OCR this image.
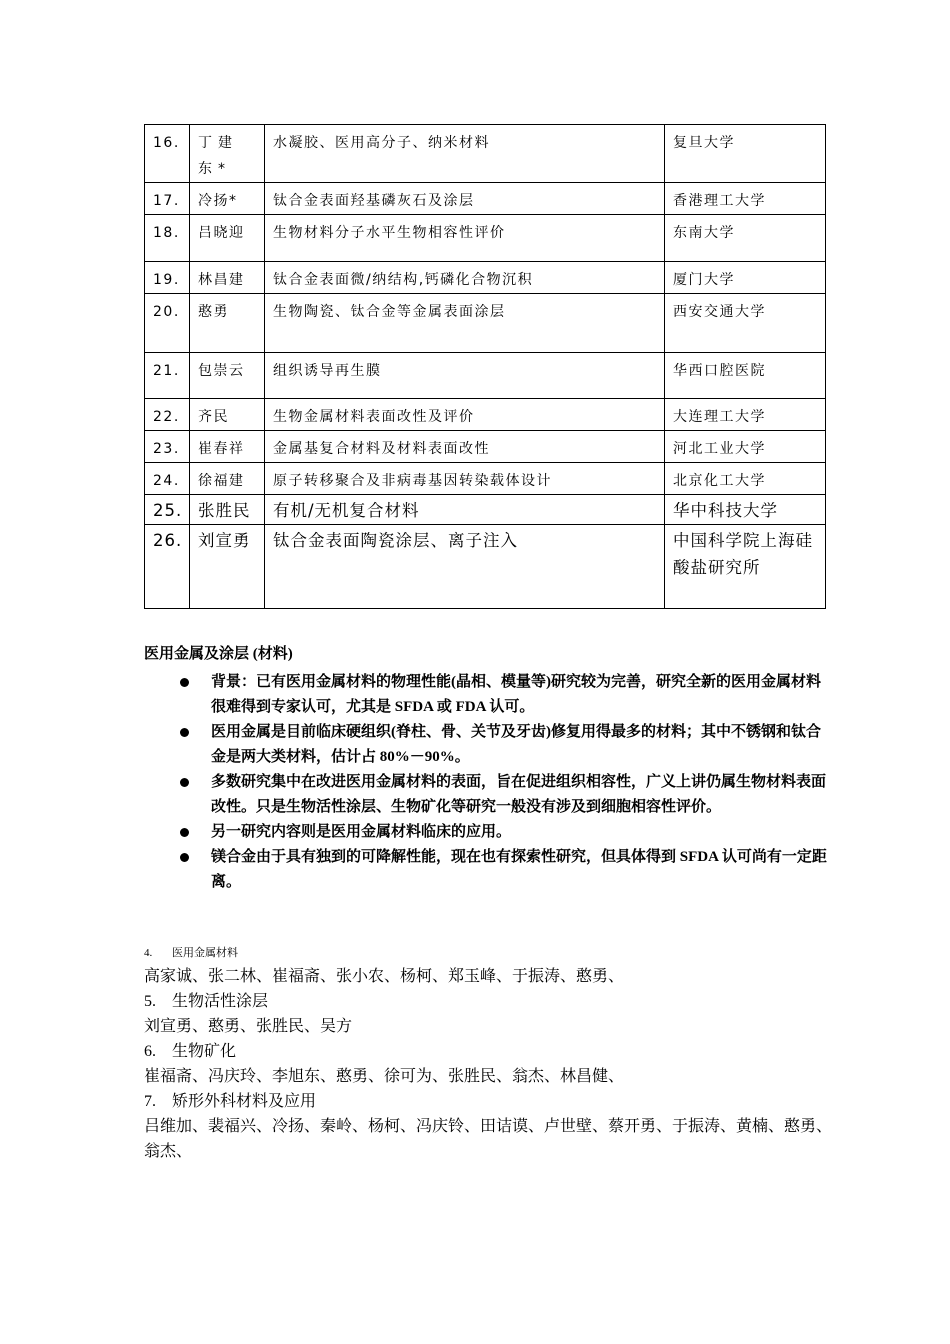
16.	丁建东*	水凝胶、医用高分子、纳米材料	复旦大学
17.	冷扬*	钛合金表面羟基磷灰石及涂层	香港理工大学
18.	吕晓迎	生物材料分子水平生物相容性评价	东南大学
19.	林昌建	钛合金表面微/纳结构,钙磷化合物沉积	厦门大学
20.	憨勇	生物陶瓷、钛合金等金属表面涂层	西安交通大学
21.	包崇云	组织诱导再生膜	华西口腔医院
22.	齐民	生物金属材料表面改性及评价	大连理工大学
23.	崔春祥	金属基复合材料及材料表面改性	河北工业大学
24.	徐福建	原子转移聚合及非病毒基因转染载体设计	北京化工大学
25.	张胜民	有机/无机复合材料	华中科技大学
26.	刘宣勇	钛合金表面陶瓷涂层、离子注入	中国科学院上海硅酸盐研究所
医用金属及涂层 (材料)
背景：已有医用金属材料的物理性能(晶相、模量等)研究较为完善，研究全新的医用金属材料很难得到专家认可，尤其是 SFDA 或 FDA 认可。
医用金属是目前临床硬组织(脊柱、骨、关节及牙齿)修复用得最多的材料；其中不锈钢和钛合金是两大类材料，估计占 80%－90%。
多数研究集中在改进医用金属材料的表面，旨在促进组织相容性，广义上讲仍属生物材料表面改性。只是生物活性涂层、生物矿化等研究一般没有涉及到细胞相容性评价。
另一研究内容则是医用金属材料临床的应用。
镁合金由于具有独到的可降解性能，现在也有探索性研究，但具体得到 SFDA 认可尚有一定距离。
4. 医用金属材料

高家诚、张二林、崔福斋、张小农、杨柯、郑玉峰、于振涛、憨勇、

5. 生物活性涂层

刘宣勇、憨勇、张胜民、吴方

6. 生物矿化

崔福斋、冯庆玲、李旭东、憨勇、徐可为、张胜民、翁杰、林昌健、

7. 矫形外科材料及应用

吕维加、裴福兴、冷扬、秦岭、杨柯、冯庆铃、田诘谟、卢世壁、蔡开勇、于振涛、黄楠、憨勇、翁杰、
